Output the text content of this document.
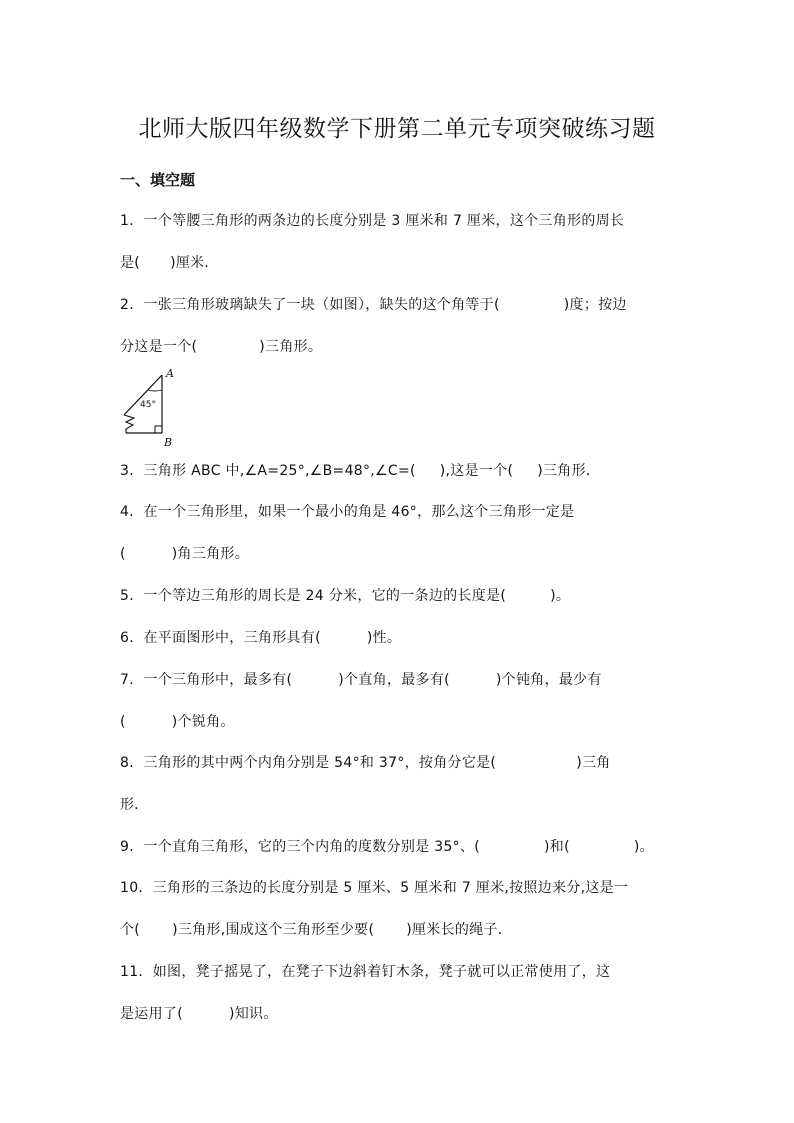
北师大版四年级数学下册第二单元专项突破练习题
一、填空题
1．一个等腰三角形的两条边的长度分别是 3 厘米和 7 厘米，这个三角形的周长
是( )厘米．
2．一张三角形玻璃缺失了一块（如图），缺失的这个角等于(	)度；按边
分这是一个(	)三角形。
A
B
45°
3．三角形 ABC 中,∠A=25°,∠B=48°,∠C=( ),这是一个( )三角形．
4．在一个三角形里，如果一个最小的角是 46°，那么这个三角形一定是
(	)角三角形。
5．一个等边三角形的周长是 24 分米，它的一条边的长度是(	)。
6．在平面图形中，三角形具有(	)性。
7．一个三角形中，最多有(	)个直角，最多有(	)个钝角，最少有
(	)个锐角。
8．三角形的其中两个内角分别是 54°和 37°，按角分它是(	)三角
形．
9．一个直角三角形，它的三个内角的度数分别是 35°、(	)和(	)。
10．三角形的三条边的长度分别是 5 厘米、5 厘米和 7 厘米,按照边来分,这是一
个( )三角形,围成这个三角形至少要( )厘米长的绳子．
11．如图，凳子摇晃了，在凳子下边斜着钉木条，凳子就可以正常使用了，这
是运用了(	)知识。
